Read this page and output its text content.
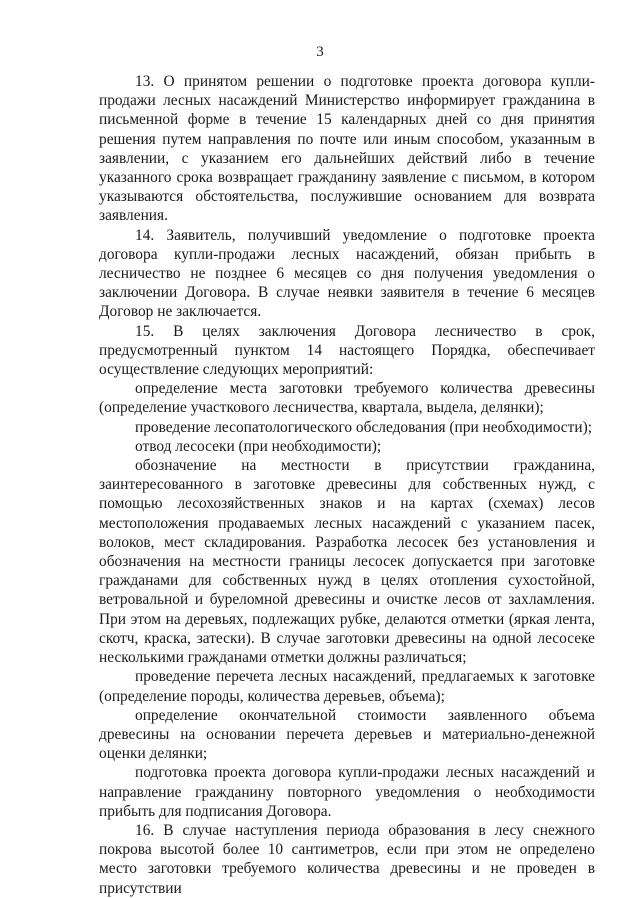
3

13. О принятом решении о подготовке проекта договора купли-продажи лесных насаждений Министерство информирует гражданина в письменной форме в течение 15 календарных дней со дня принятия решения путем направления по почте или иным способом, указанным в заявлении, с указанием его дальнейших действий либо в течение указанного срока возвращает гражданину заявление с письмом, в котором указываются обстоятельства, послужившие основанием для возврата заявления.

14. Заявитель, получивший уведомление о подготовке проекта договора купли-продажи лесных насаждений, обязан прибыть в лесничество не позднее 6 месяцев со дня получения уведомления о заключении Договора. В случае неявки заявителя в течение 6 месяцев Договор не заключается.

15. В целях заключения Договора лесничество в срок, предусмотренный пунктом 14 настоящего Порядка, обеспечивает осуществление следующих мероприятий:

определение места заготовки требуемого количества древесины (определение участкового лесничества, квартала, выдела, делянки);

проведение лесопатологического обследования (при необходимости);

отвод лесосеки (при необходимости);

обозначение на местности в присутствии гражданина, заинтересованного в заготовке древесины для собственных нужд, с помощью лесохозяйственных знаков и на картах (схемах) лесов местоположения продаваемых лесных насаждений с указанием пасек, волоков, мест складирования. Разработка лесосек без установления и обозначения на местности границы лесосек допускается при заготовке гражданами для собственных нужд в целях отопления сухостойной, ветровальной и буреломной древесины и очистке лесов от захламления. При этом на деревьях, подлежащих рубке, делаются отметки (яркая лента, скотч, краска, затески). В случае заготовки древесины на одной лесосеке несколькими гражданами отметки должны различаться;

проведение перечета лесных насаждений, предлагаемых к заготовке (определение породы, количества деревьев, объема);

определение окончательной стоимости заявленного объема древесины на основании перечета деревьев и материально-денежной оценки делянки;

подготовка проекта договора купли-продажи лесных насаждений и направление гражданину повторного уведомления о необходимости прибыть для подписания Договора.

16. В случае наступления периода образования в лесу снежного покрова высотой более 10 сантиметров, если при этом не определено место заготовки требуемого количества древесины и не проведен в присутствии
